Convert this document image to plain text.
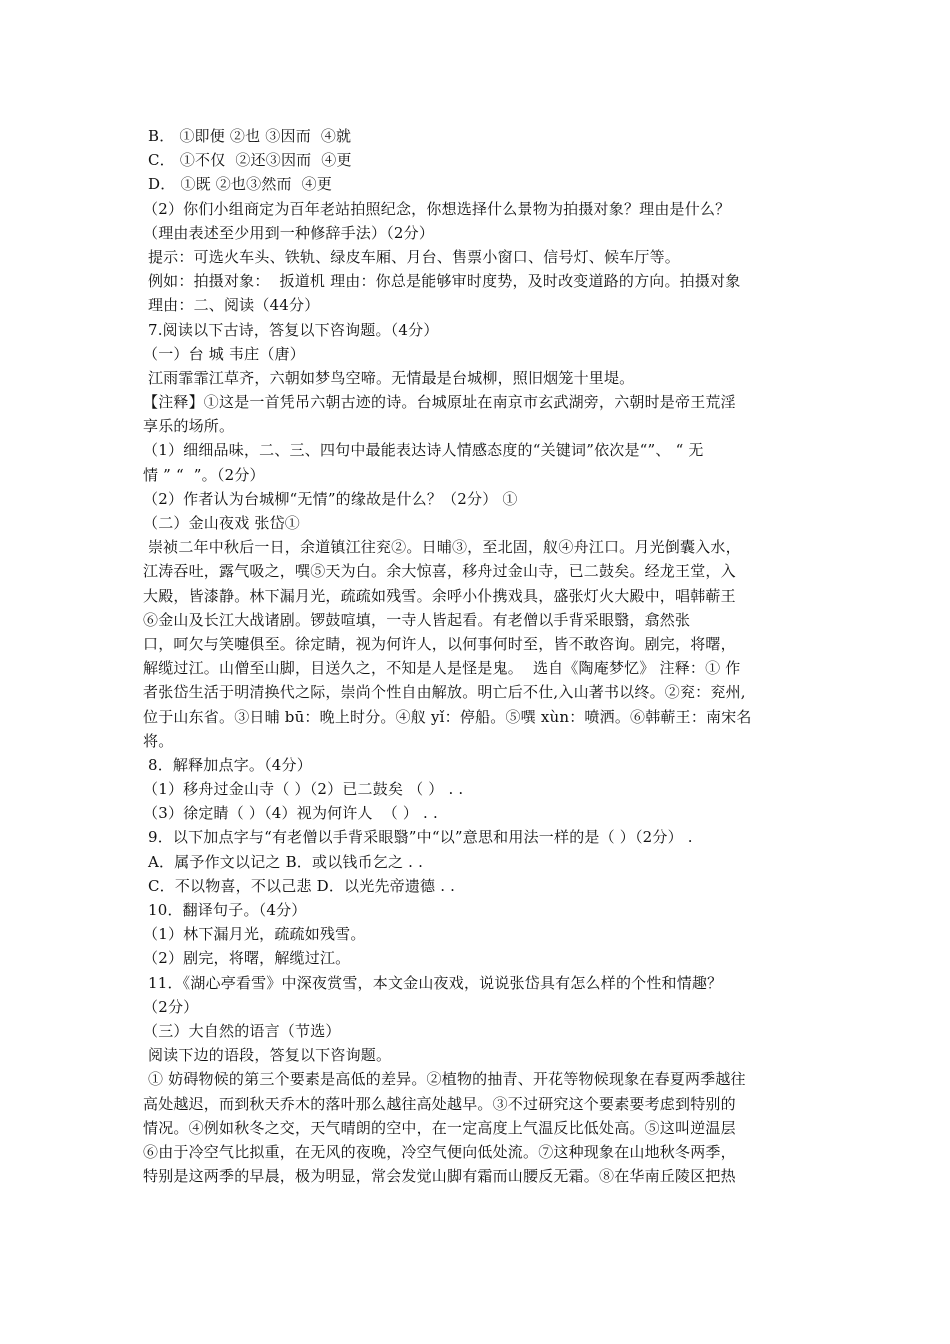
B． ①即便 ②也 ③因而  ④就
C． ①不仅  ②还③因而  ④更
D． ①既 ②也③然而  ④更
（2）你们小组商定为百年老站拍照纪念，你想选择什么景物为拍摄对象？理由是什么？
（理由表述至少用到一种修辞手法）（2分）
提示：可选火车头、铁轨、绿皮车厢、月台、售票小窗口、信号灯、候车厅等。
例如：拍摄对象：  扳道机 理由：你总是能够审时度势，及时改变道路的方向。拍摄对象
理由：二、阅读（44分）
7.阅读以下古诗，答复以下咨询题。（4分）
（一）台 城 韦庄（唐）
江雨霏霏江草齐，六朝如梦鸟空啼。无情最是台城柳，照旧烟笼十里堤。
【注释】①这是一首凭吊六朝古迹的诗。台城原址在南京市玄武湖旁，六朝时是帝王荒淫
享乐的场所。
（1）细细品味，二、三、四句中最能表达诗人情感态度的“关键词”依次是“”、 “ 无
情 ” “  ”。（2分）
（2）作者认为台城柳“无情”的缘故是什么？（2分） ①
（二）金山夜戏 张岱①
崇祯二年中秋后一日，余道镇江往兖②。日晡③，至北固，舣④舟江口。月光倒囊入水，
江涛吞吐，露气吸之，噀⑤天为白。余大惊喜，移舟过金山寺，已二鼓矣。经龙王堂，入
大殿，皆漆静。林下漏月光，疏疏如残雪。余呼小仆携戏具，盛张灯火大殿中，唱韩蕲王
⑥金山及长江大战诸剧。锣鼓喧填，一寺人皆起看。有老僧以手背采眼翳，翕然张
口，呵欠与笑嚏俱至。徐定睛，视为何许人，以何事何时至，皆不敢咨询。剧完，将曙，
解缆过江。山僧至山脚，目送久之，不知是人是怪是鬼。  选自《陶庵梦忆》 注释：① 作
者张岱生活于明清换代之际，崇尚个性自由解放。明亡后不仕,入山著书以终。②兖：兖州,
位于山东省。③日晡 bū：晚上时分。④舣 yǐ：停船。⑤噀 xùn：喷洒。⑥韩蕲王：南宋名
将。
8．解释加点字。（4分）
（1）移舟过金山寺（ ）（2）已二鼓矣 （ ） . .
（3）徐定睛（ ）（4）视为何许人  （ ） . .
9．以下加点字与“有老僧以手背采眼翳”中“以”意思和用法一样的是（ ）（2分） .
A．属予作文以记之 B．或以钱币乞之 . .
C．不以物喜，不以己悲 D．以光先帝遗德 . .
10．翻译句子。（4分）
（1）林下漏月光，疏疏如残雪。
（2）剧完，将曙，解缆过江。
11．《湖心亭看雪》中深夜赏雪，本文金山夜戏，说说张岱具有怎么样的个性和情趣？
（2分）
（三）大自然的语言（节选）
阅读下边的语段，答复以下咨询题。
① 妨碍物候的第三个要素是高低的差异。②植物的抽青、开花等物候现象在春夏两季越往
高处越迟，而到秋天乔木的落叶那么越往高处越早。③不过研究这个要素要考虑到特别的
情况。④例如秋冬之交，天气晴朗的空中，在一定高度上气温反比低处高。⑤这叫逆温层
⑥由于冷空气比拟重，在无风的夜晚，冷空气便向低处流。⑦这种现象在山地秋冬两季，
特别是这两季的早晨，极为明显，常会发觉山脚有霜而山腰反无霜。⑧在华南丘陵区把热
